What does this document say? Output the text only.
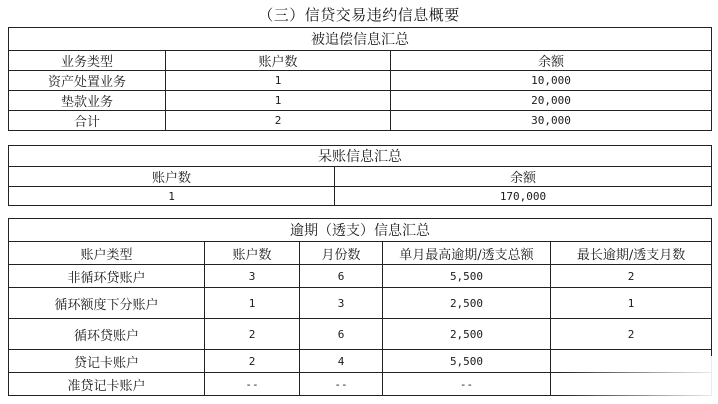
（三）信贷交易违约信息概要
被追偿信息汇总		
业务类型	账户数	余额
资产处置业务	1	10,000
垫款业务	1	20,000
合计	2	30,000
呆账信息汇总	
账户数	余额
1	170,000
逾期（透支）信息汇总				
账户类型	账户数	月份数	单月最高逾期/透支总额	最长逾期/透支月数
非循环贷账户	3	6	5,500	2
循环额度下分账户	1	3	2,500	1
循环贷账户	2	6	2,500	2
贷记卡账户	2	4	5,500	
准贷记卡账户	--	--	--	
